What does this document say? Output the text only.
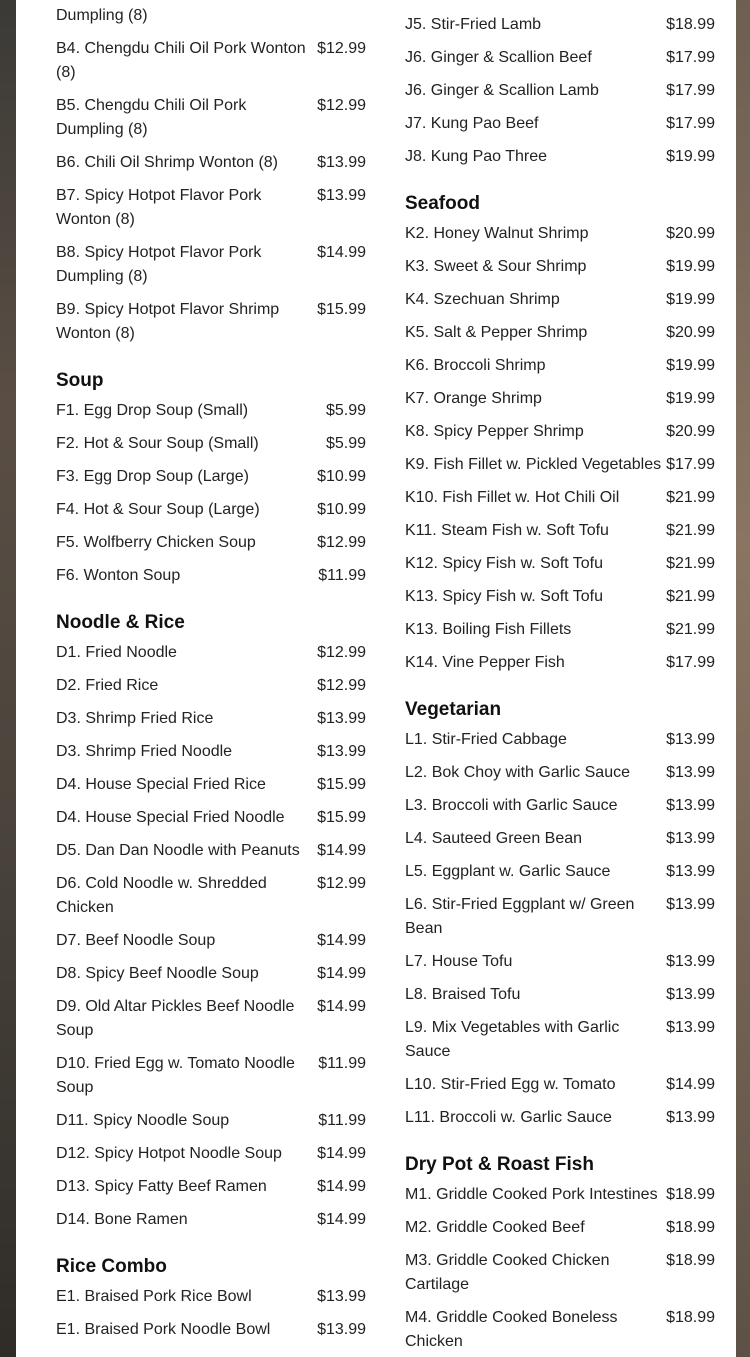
Dumpling (8)
B4. Chengdu Chili Oil Pork Wonton (8)
$12.99
B5. Chengdu Chili Oil Pork Dumpling (8)
$12.99
B6. Chili Oil Shrimp Wonton (8)	$13.99
B7. Spicy Hotpot Flavor Pork Wonton (8)
$13.99
B8. Spicy Hotpot Flavor Pork Dumpling (8)
$14.99
B9. Spicy Hotpot Flavor Shrimp Wonton (8)
$15.99
Soup
F1. Egg Drop Soup (Small)	$5.99
F2. Hot & Sour Soup (Small)	$5.99
F3. Egg Drop Soup (Large)	$10.99
F4. Hot & Sour Soup (Large)	$10.99
F5. Wolfberry Chicken Soup	$12.99
F6. Wonton Soup	$11.99
Noodle & Rice
D1. Fried Noodle	$12.99
D2. Fried Rice	$12.99
D3. Shrimp Fried Rice	$13.99
D3. Shrimp Fried Noodle	$13.99
D4. House Special Fried Rice	$15.99
D4. House Special Fried Noodle	$15.99
D5. Dan Dan Noodle with Peanuts	$14.99
D6. Cold Noodle w. Shredded Chicken
$12.99
D7. Beef Noodle Soup	$14.99
D8. Spicy Beef Noodle Soup	$14.99
D9. Old Altar Pickles Beef Noodle Soup
$14.99
D10. Fried Egg w. Tomato Noodle Soup
$11.99
D11. Spicy Noodle Soup	$11.99
D12. Spicy Hotpot Noodle Soup	$14.99
D13. Spicy Fatty Beef Ramen	$14.99
D14. Bone Ramen	$14.99
Rice Combo
E1. Braised Pork Rice Bowl	$13.99
E1. Braised Pork Noodle Bowl	$13.99
J5. Stir-Fried Lamb	$18.99
J6. Ginger & Scallion Beef	$17.99
J6. Ginger & Scallion Lamb	$17.99
J7. Kung Pao Beef	$17.99
J8. Kung Pao Three	$19.99
Seafood
K2. Honey Walnut Shrimp	$20.99
K3. Sweet & Sour Shrimp	$19.99
K4. Szechuan Shrimp	$19.99
K5. Salt & Pepper Shrimp	$20.99
K6. Broccoli Shrimp	$19.99
K7. Orange Shrimp	$19.99
K8. Spicy Pepper Shrimp	$20.99
K9. Fish Fillet w. Pickled Vegetables $17.99
K10. Fish Fillet w. Hot Chili Oil	$21.99
K11. Steam Fish w. Soft Tofu	$21.99
K12. Spicy Fish w. Soft Tofu	$21.99
K13. Spicy Fish w. Soft Tofu	$21.99
K13. Boiling Fish Fillets	$21.99
K14. Vine Pepper Fish	$17.99
Vegetarian
L1. Stir-Fried Cabbage	$13.99
L2. Bok Choy with Garlic Sauce	$13.99
L3. Broccoli with Garlic Sauce	$13.99
L4. Sauteed Green Bean	$13.99
L5. Eggplant w. Garlic Sauce	$13.99
L6. Stir-Fried Eggplant w/ Green Bean
$13.99
L7. House Tofu	$13.99
L8. Braised Tofu	$13.99
L9. Mix Vegetables with Garlic Sauce
$13.99
L10. Stir-Fried Egg w. Tomato	$14.99
L11. Broccoli w. Garlic Sauce	$13.99
Dry Pot & Roast Fish
M1. Griddle Cooked Pork Intestines $18.99
M2. Griddle Cooked Beef	$18.99
M3. Griddle Cooked Chicken Cartilage
$18.99
M4. Griddle Cooked Boneless Chicken
$18.99
